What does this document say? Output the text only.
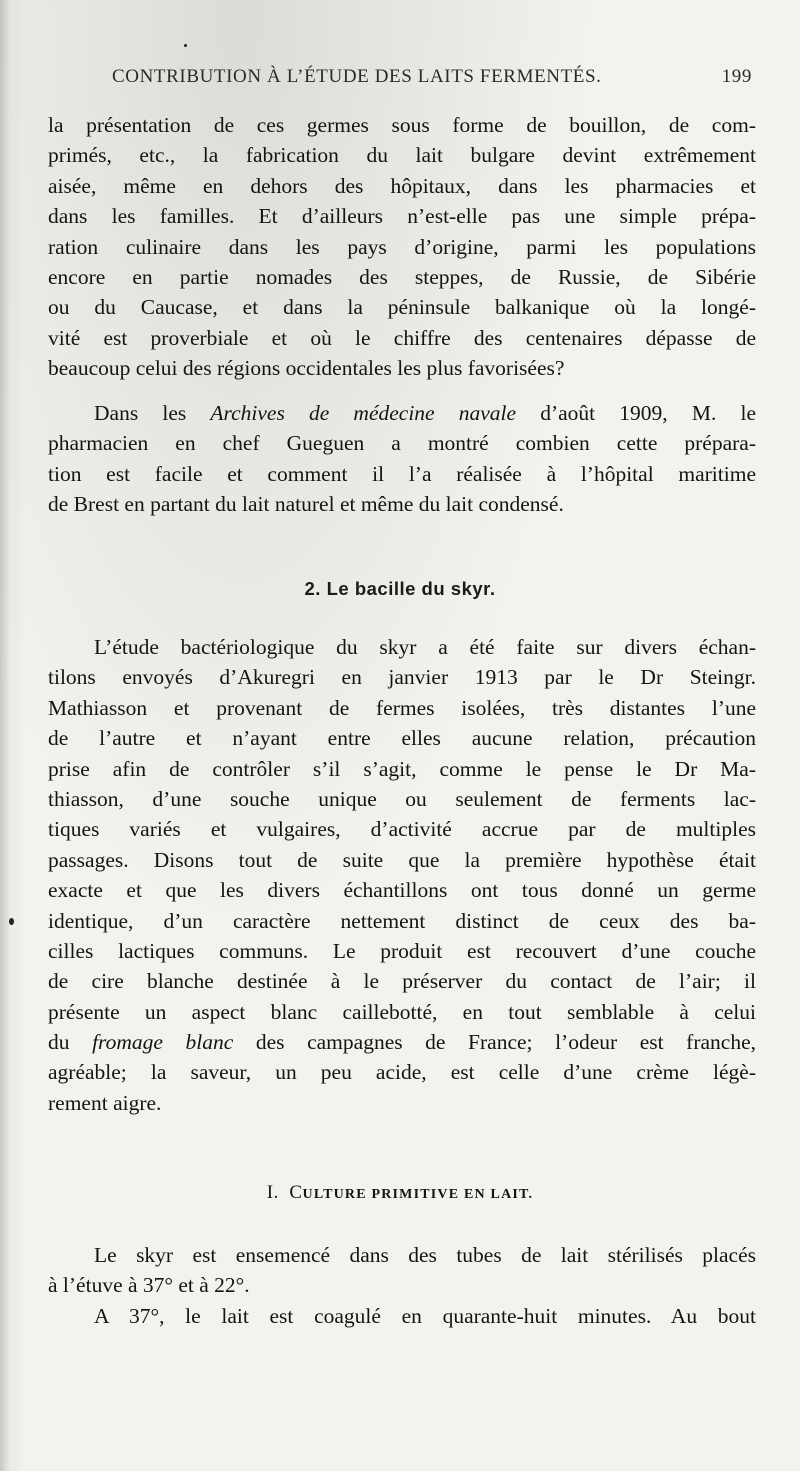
CONTRIBUTION À L’ÉTUDE DES LAITS FERMENTÉS.	199
la présentation de ces germes sous forme de bouillon, de com-
primés, etc., la fabrication du lait bulgare devint extrêmement
aisée, même en dehors des hôpitaux, dans les pharmacies et
dans les familles. Et d’ailleurs n’est-elle pas une simple prépa-
ration culinaire dans les pays d’origine, parmi les populations
encore en partie nomades des steppes, de Russie, de Sibérie
ou du Caucase, et dans la péninsule balkanique où la longé-
vité est proverbiale et où le chiffre des centenaires dépasse de
beaucoup celui des régions occidentales les plus favorisées?
Dans les Archives de médecine navale d’août 1909, M. le
pharmacien en chef Gueguen a montré combien cette prépara-
tion est facile et comment il l’a réalisée à l’hôpital maritime
de Brest en partant du lait naturel et même du lait condensé.
2. Le bacille du skyr.
L’étude bactériologique du skyr a été faite sur divers échan-
tilons envoyés d’Akuregri en janvier 1913 par le Dr Steingr.
Mathiasson et provenant de fermes isolées, très distantes l’une
de l’autre et n’ayant entre elles aucune relation, précaution
prise afin de contrôler s’il s’agit, comme le pense le Dr Ma-
thiasson, d’une souche unique ou seulement de ferments lac-
tiques variés et vulgaires, d’activité accrue par de multiples
passages. Disons tout de suite que la première hypothèse était
exacte et que les divers échantillons ont tous donné un germe
identique, d’un caractère nettement distinct de ceux des ba-
cilles lactiques communs. Le produit est recouvert d’une couche
de cire blanche destinée à le préserver du contact de l’air; il
présente un aspect blanc caillebotté, en tout semblable à celui
du fromage blanc des campagnes de France; l’odeur est franche,
agréable; la saveur, un peu acide, est celle d’une crème légè-
rement aigre.
I. CULTURE PRIMITIVE EN LAIT.
Le skyr est ensemencé dans des tubes de lait stérilisés placés
à l’étuve à 37° et à 22°.
A 37°, le lait est coagulé en quarante-huit minutes. Au bout
